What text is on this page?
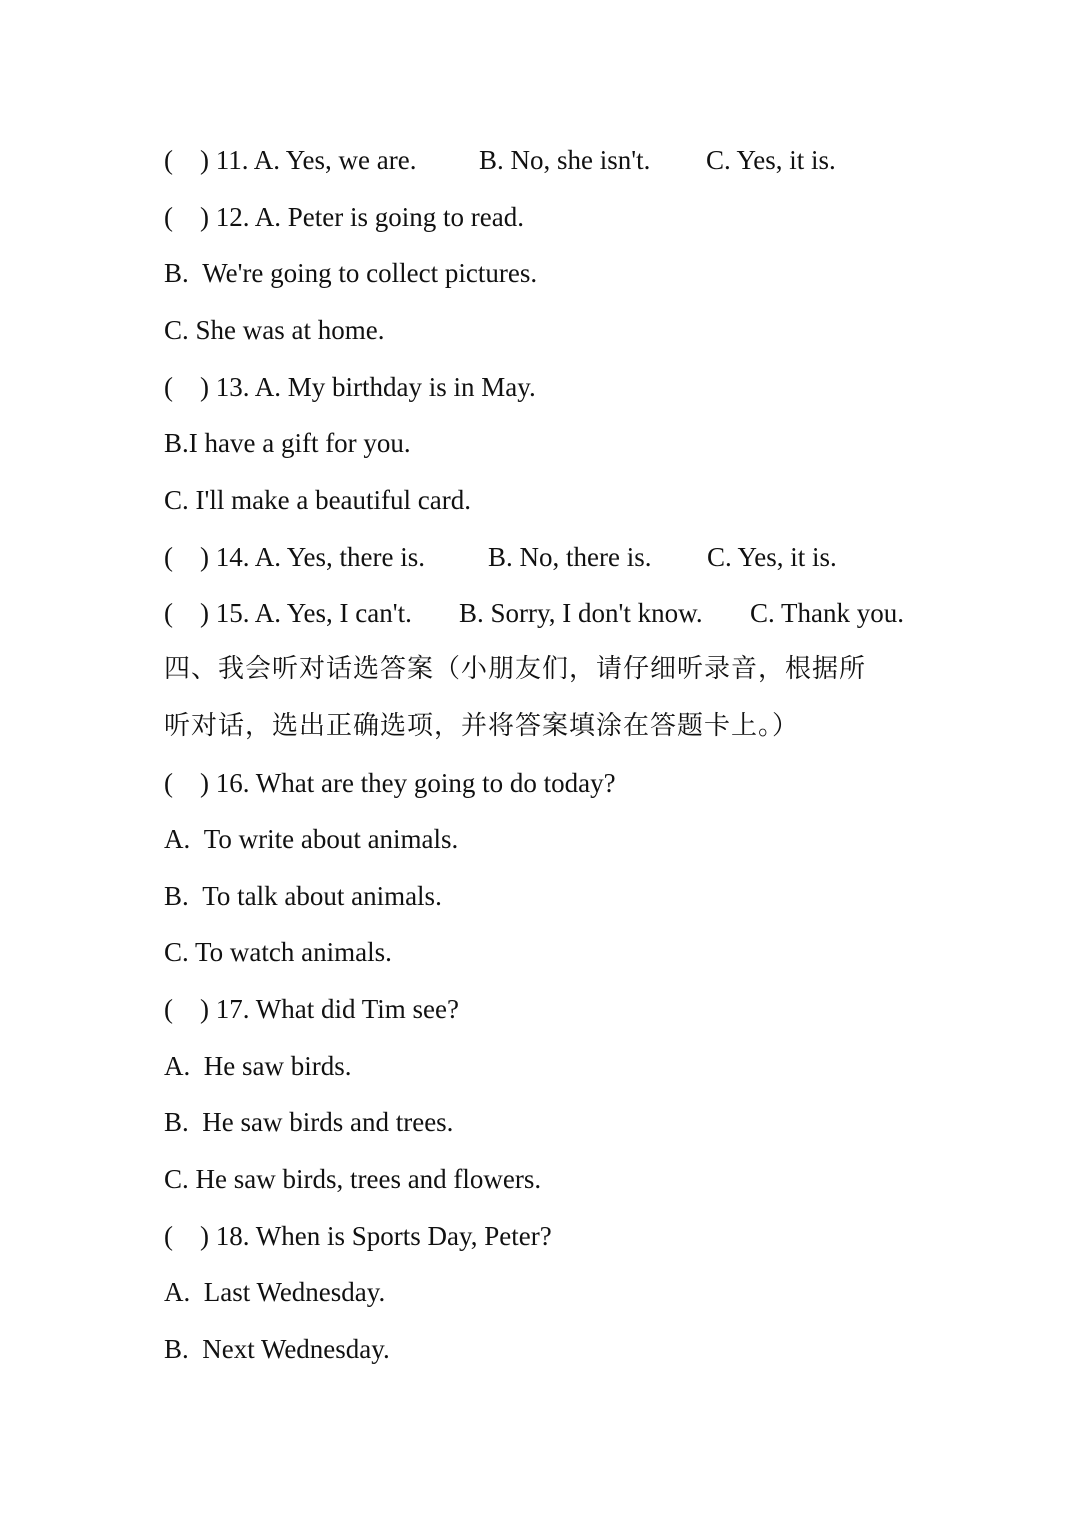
(    ) 11. A. Yes, we are. B. No, she isn't. C. Yes, it is.
(    ) 12. A. Peter is going to read.
B.  We're going to collect pictures.
C. She was at home.
(    ) 13. A. My birthday is in May.
B.I have a gift for you.
C. I'll make a beautiful card.
(    ) 14. A. Yes, there is. B. No, there is. C. Yes, it is.
(    ) 15. A. Yes, I can't. B. Sorry, I don't know. C. Thank you.
四、我会听对话选答案（小朋友们，请仔细听录音，根据所
听对话，选出正确选项，并将答案填涂在答题卡上。）
(    ) 16. What are they going to do today?
A.  To write about animals.
B.  To talk about animals.
C. To watch animals.
(    ) 17. What did Tim see?
A.  He saw birds.
B.  He saw birds and trees.
C. He saw birds, trees and flowers.
(    ) 18. When is Sports Day, Peter?
A.  Last Wednesday.
B.  Next Wednesday.
